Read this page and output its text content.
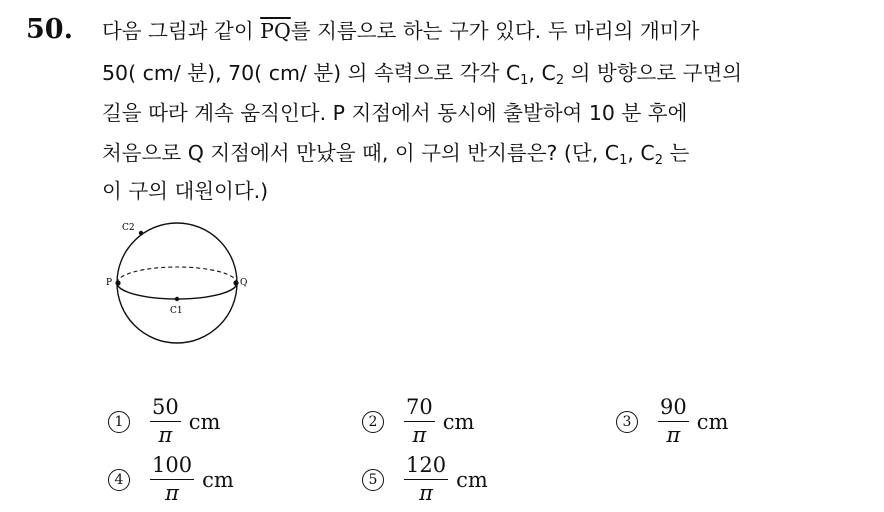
50. 다음 그림과 같이 $\overline{PQ}$를 지름으로 하는 구가 있다. 두 마리의 개미가
50( cm/ 분), 70( cm/ 분) 의 속력으로 각각 $C_1$, $C_2$ 의 방향으로 구면의
길을 따라 계속 움직인다. P 지점에서 동시에 출발하여 10 분 후에
처음으로 Q 지점에서 만났을 때, 이 구의 반지름은? (단, $C_1$, $C_2$ 는
이 구의 대원이다.)
P	Q
C1
C2
1	$\frac{50}{\pi}$ cm	2	$\frac{70}{\pi}$ cm	3	$\frac{90}{\pi}$ cm
4	$\frac{100}{\pi}$ cm	5	$\frac{120}{\pi}$ cm
